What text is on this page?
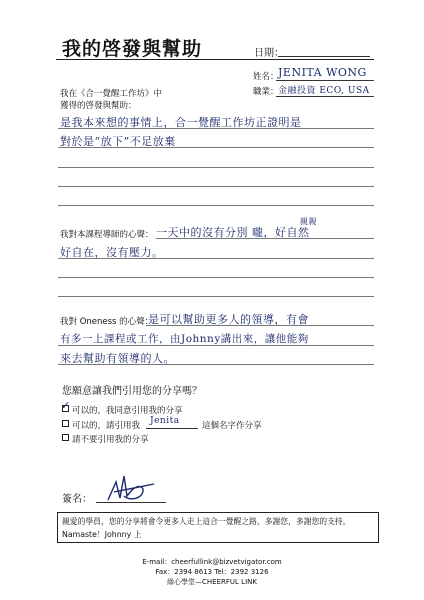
我的啓發與幫助	日期：
姓名： JENITA WONG
職業： 金融投資 ECO, USA
我在《合一覺醒工作坊》中
獲得的啓發與幫助：
是我本來想的事情上，合一覺醒工作坊正證明是
對於是“放下”不足放棄
親親
我對本課程導師的心聲： 一天中的沒有分別 嚨，好自然
好自在，沒有壓力。
我對 Oneness 的心聲：
是可以幫助更多人的領導，有會
有多一上課程或工作，由Johnny講出來，讓他能夠
來去幫助有領導的人。
您願意讓我們引用您的分享嗎？
✓ 可以的，我同意引用我的分享
可以的，請引用我 Jenita	這個名字作分享
請不要引用我的分享
簽名：
親愛的學員，您的分享將會令更多人走上這合一覺醒之路，多謝您，多謝您的支持。
Namaste！Johnny 上
E-mail：cheerfullink@bizvetvigator.com
Fax：2394 8613 Tel：2392 3126
綠心學堂—CHEERFUL LINK
